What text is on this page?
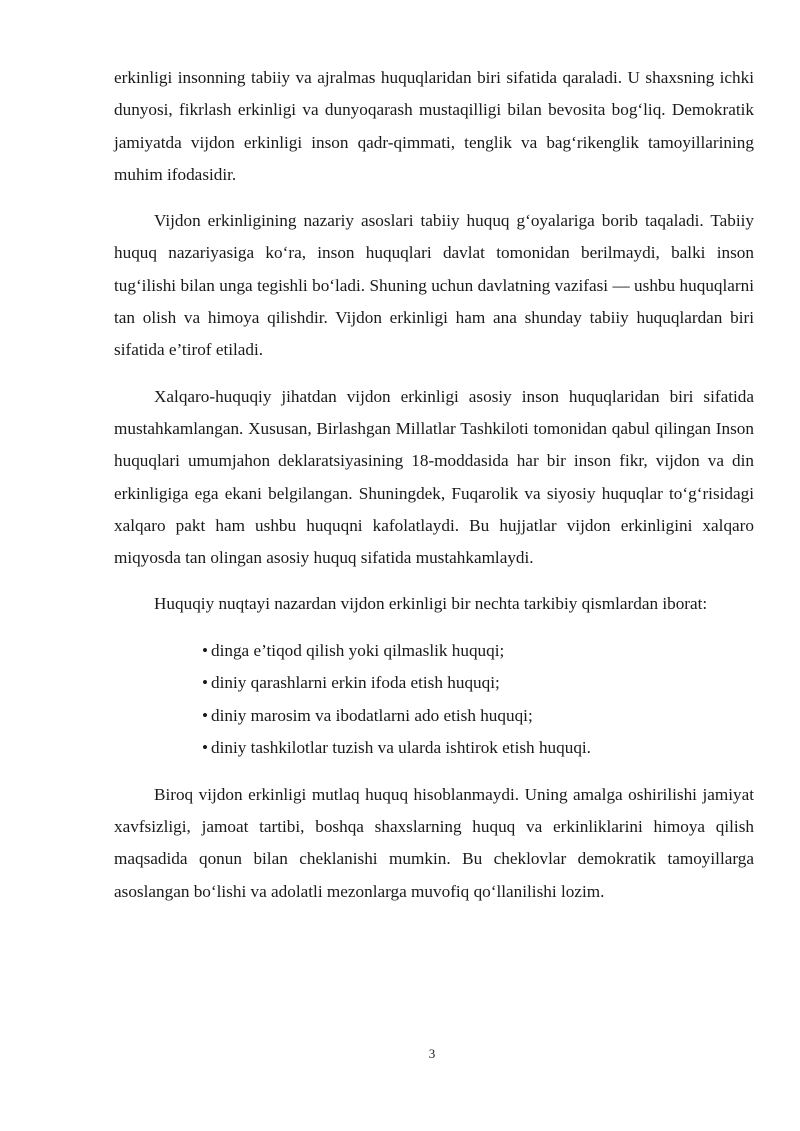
erkinligi insonning tabiiy va ajralmas huquqlaridan biri sifatida qaraladi. U shaxsning ichki dunyosi, fikrlash erkinligi va dunyoqarash mustaqilligi bilan bevosita bog‘liq. Demokratik jamiyatda vijdon erkinligi inson qadr-qimmati, tenglik va bag‘rikenglik tamoyillarining muhim ifodasidir.

Vijdon erkinligining nazariy asoslari tabiiy huquq g‘oyalariga borib taqaladi. Tabiiy huquq nazariyasiga ko‘ra, inson huquqlari davlat tomonidan berilmaydi, balki inson tug‘ilishi bilan unga tegishli bo‘ladi. Shuning uchun davlatning vazifasi — ushbu huquqlarni tan olish va himoya qilishdir. Vijdon erkinligi ham ana shunday tabiiy huquqlardan biri sifatida e’tirof etiladi.

Xalqaro-huquqiy jihatdan vijdon erkinligi asosiy inson huquqlaridan biri sifatida mustahkamlangan. Xususan, Birlashgan Millatlar Tashkiloti tomonidan qabul qilingan Inson huquqlari umumjahon deklaratsiyasining 18-moddasida har bir inson fikr, vijdon va din erkinligiga ega ekani belgilangan. Shuningdek, Fuqarolik va siyosiy huquqlar to‘g‘risidagi xalqaro pakt ham ushbu huquqni kafolatlaydi. Bu hujjatlar vijdon erkinligini xalqaro miqyosda tan olingan asosiy huquq sifatida mustahkamlaydi.

Huquqiy nuqtayi nazardan vijdon erkinligi bir nechta tarkibiy qismlardan iborat:

• dinga e’tiqod qilish yoki qilmaslik huquqi;
• diniy qarashlarni erkin ifoda etish huquqi;
• diniy marosim va ibodatlarni ado etish huquqi;
• diniy tashkilotlar tuzish va ularda ishtirok etish huquqi.

Biroq vijdon erkinligi mutlaq huquq hisoblanmaydi. Uning amalga oshirilishi jamiyat xavfsizligi, jamoat tartibi, boshqa shaxslarning huquq va erkinliklarini himoya qilish maqsadida qonun bilan cheklanishi mumkin. Bu cheklovlar demokratik tamoyillarga asoslangan bo‘lishi va adolatli mezonlarga muvofiq qo‘llanilishi lozim.

3
